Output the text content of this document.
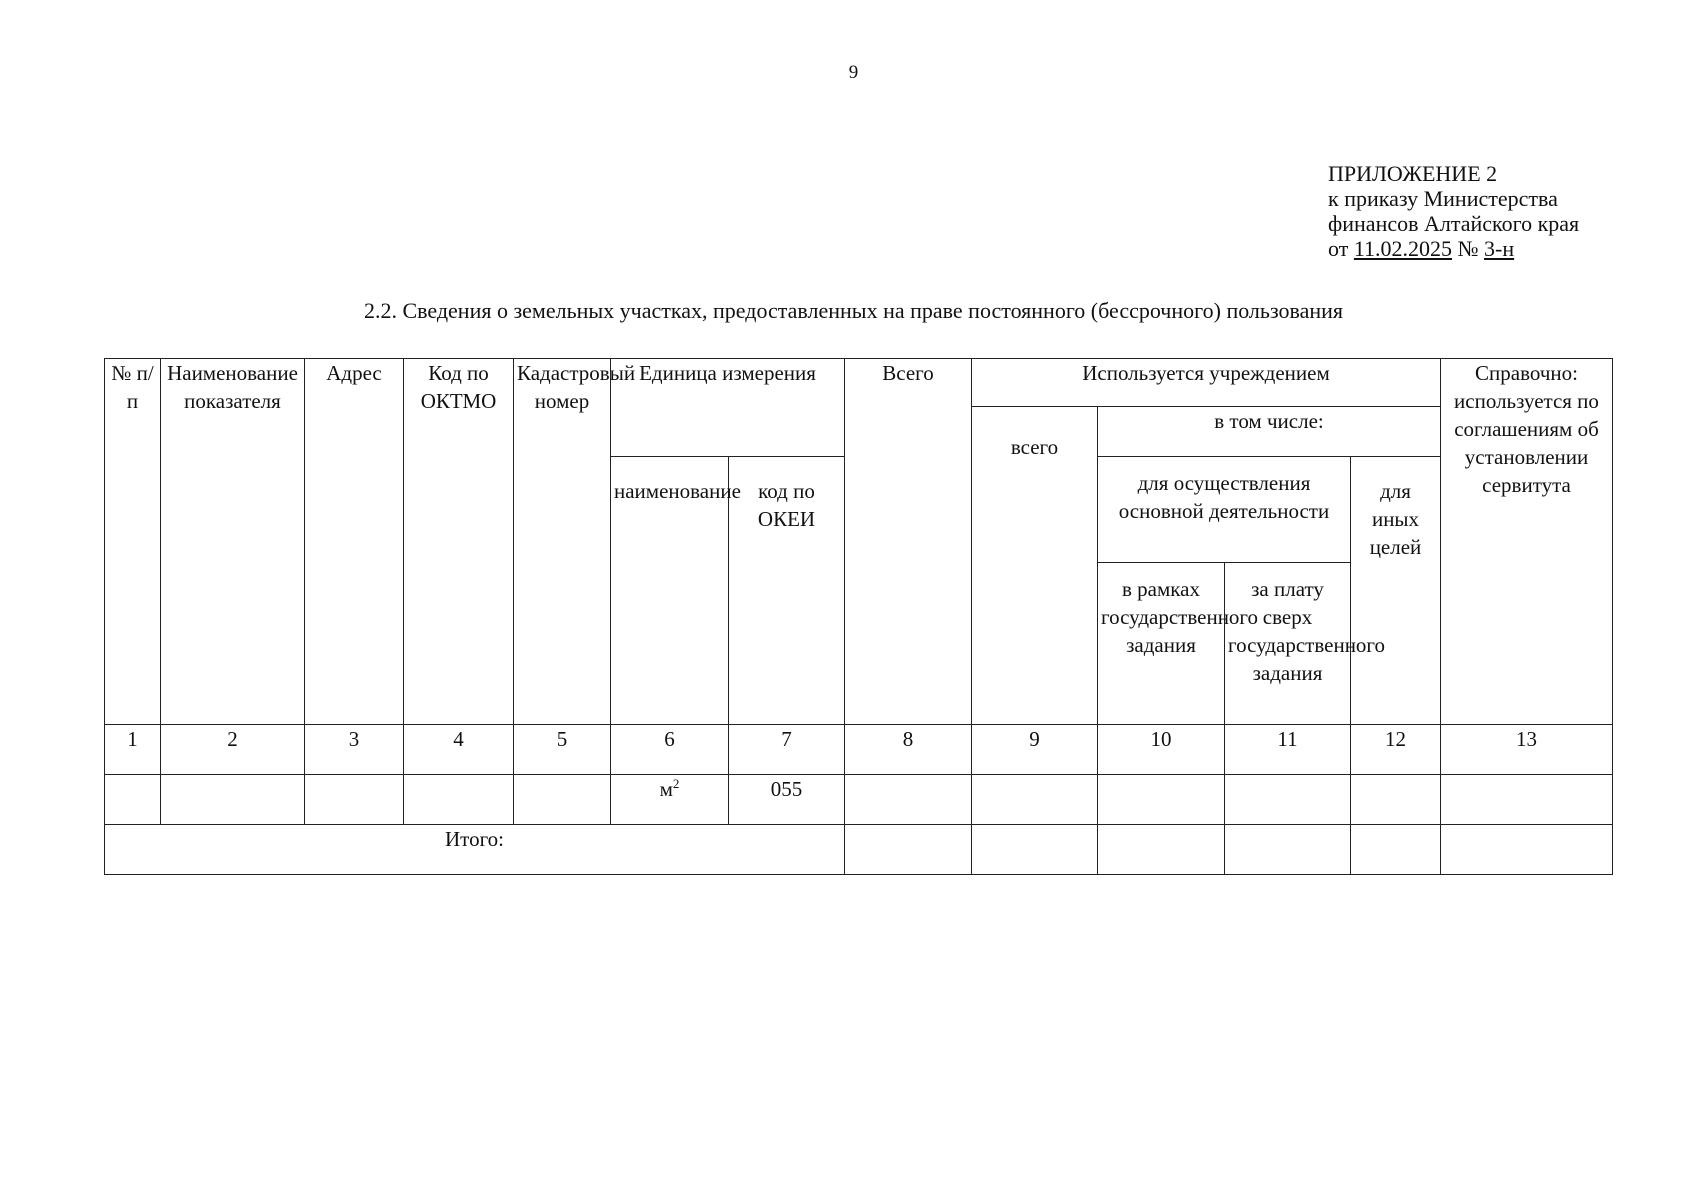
9
ПРИЛОЖЕНИЕ 2
к приказу Министерства
финансов Алтайского края
от 11.02.2025 № 3-н
2.2. Сведения о земельных участках, предоставленных на праве постоянного (бессрочного) пользования
№ п/п	Наименование показателя	Адрес	Код по ОКТМО	Кадастровый номер	Единица измерения		Всего	Используется учреждением				Справочно: используется по соглашениям об установлении сервитута
								всего	в том числе:			
					наименование	код по ОКЕИ			для осуществления основной деятельности		для иных целей	
									в рамках государственного задания	за плату сверх государственного задания		
1	2	3	4	5	6	7	8	9	10	11	12	13
					$м^2$	055						
Итого:												
